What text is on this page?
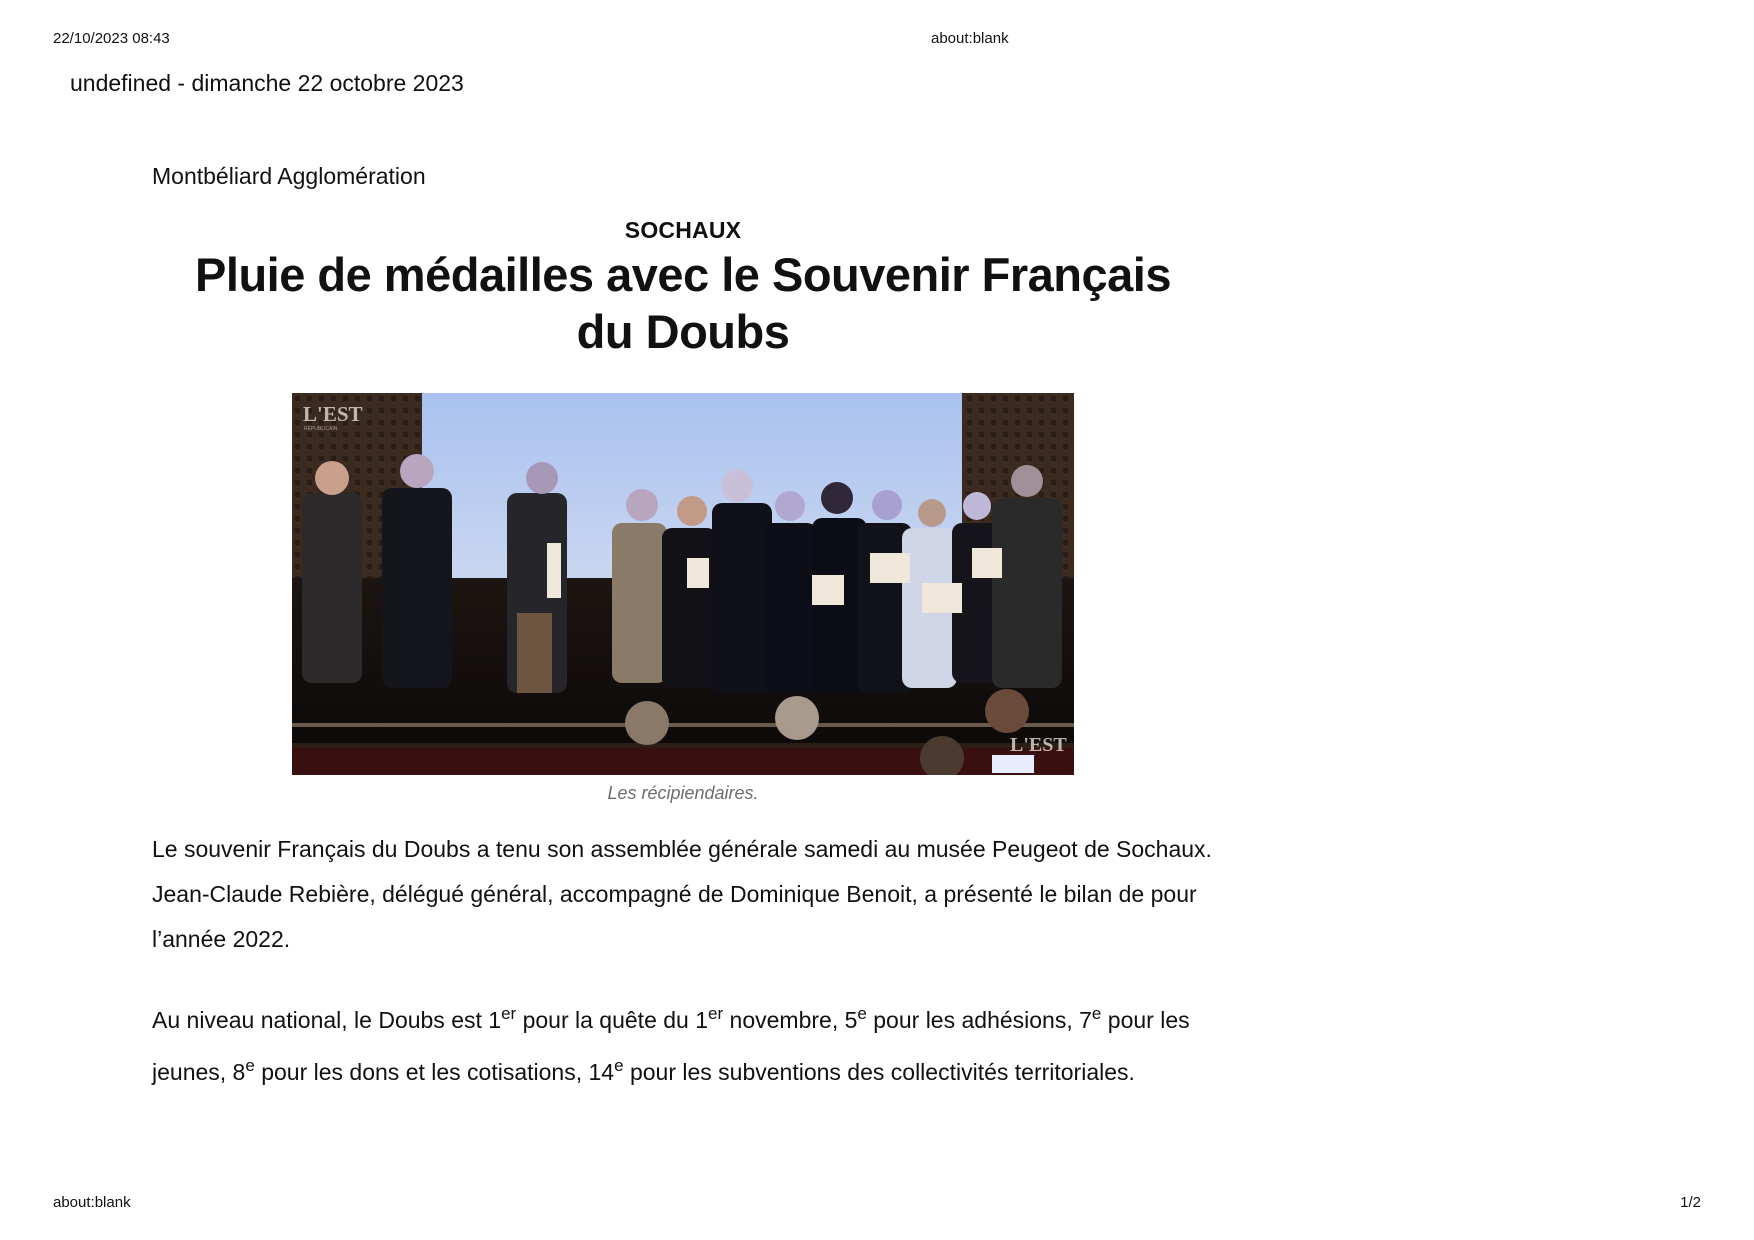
22/10/2023 08:43	about:blank
undefined - dimanche 22 octobre 2023
Montbéliard Agglomération
SOCHAUX
Pluie de médailles avec le Souvenir Français
du Doubs
L'EST
RÉPUBLICAIN
L'EST
Les récipiendaires.

Le souvenir Français du Doubs a tenu son assemblée générale samedi au musée Peugeot de Sochaux. Jean-Claude Rebière, délégué général, accompagné de Dominique Benoit, a présenté le bilan de pour l’année 2022.

Au niveau national, le Doubs est 1er pour la quête du 1er novembre, 5e pour les adhésions, 7e pour les jeunes, 8e pour les dons et les cotisations, 14e pour les subventions des collectivités territoriales.

about:blank	1/2
